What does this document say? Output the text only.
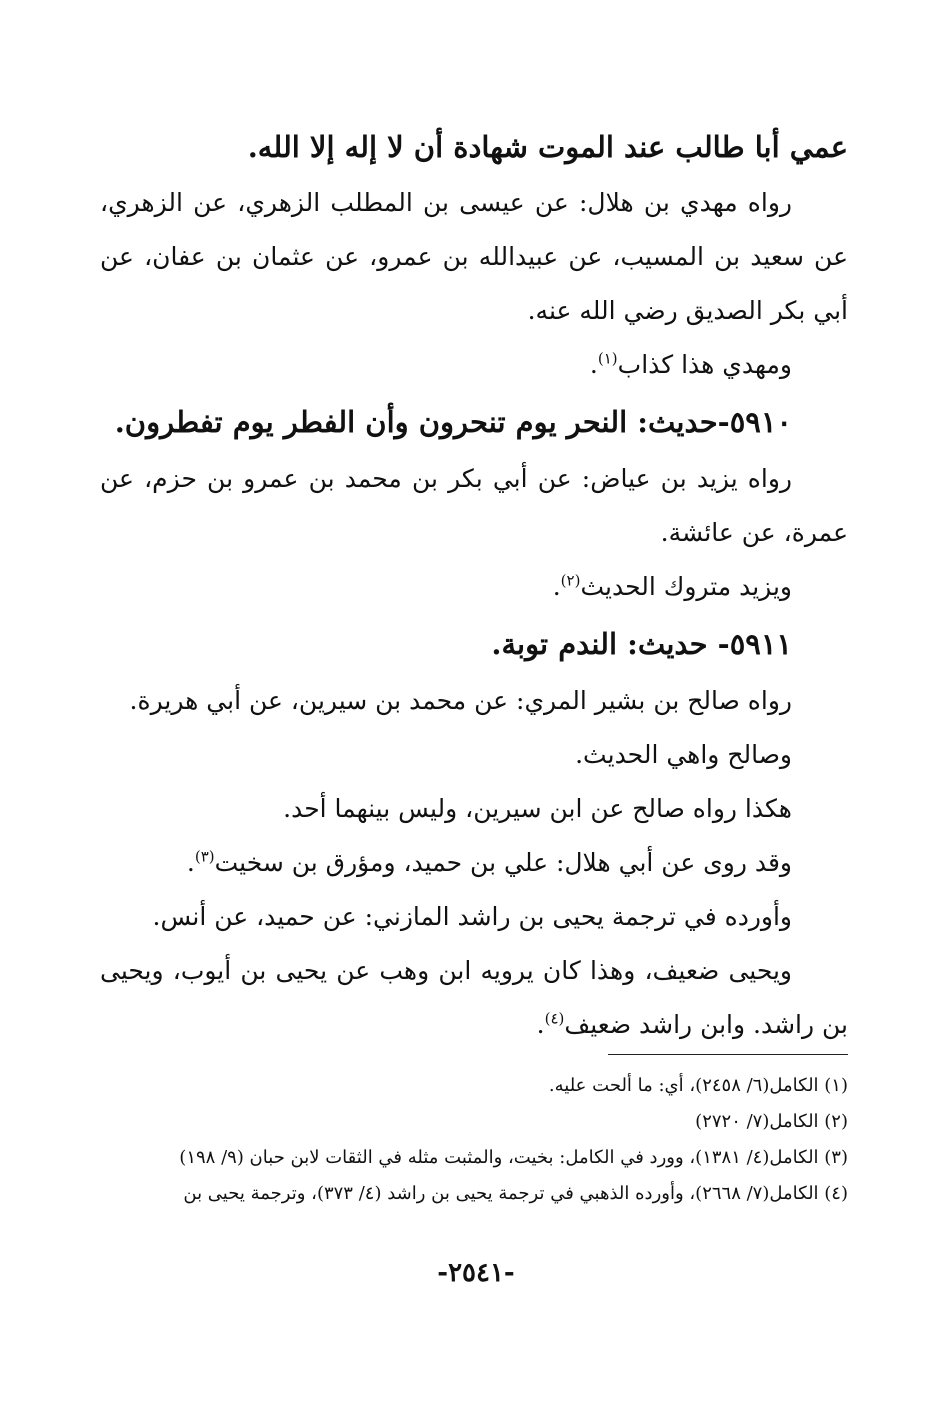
عمي أبا طالب عند الموت شهادة أن لا إله إلا الله.

رواه مهدي بن هلال: عن عيسى بن المطلب الزهري، عن الزهري، عن سعيد بن المسيب، عن عبيدالله بن عمرو، عن عثمان بن عفان، عن أبي بكر الصديق رضي الله عنه.

ومهدي هذا كذاب$^{(١)}$.

٥٩١٠-حديث: النحر يوم تنحرون وأن الفطر يوم تفطرون.

رواه يزيد بن عياض: عن أبي بكر بن محمد بن عمرو بن حزم، عن عمرة، عن عائشة.

ويزيد متروك الحديث$^{(٢)}$.

٥٩١١- حديث: الندم توبة.

رواه صالح بن بشير المري: عن محمد بن سيرين، عن أبي هريرة.

وصالح واهي الحديث.

هكذا رواه صالح عن ابن سيرين، وليس بينهما أحد.

وقد روى عن أبي هلال: علي بن حميد، ومؤرق بن سخيت$^{(٣)}$.

وأورده في ترجمة يحيى بن راشد المازني: عن حميد، عن أنس.

ويحيى ضعيف، وهذا كان يرويه ابن وهب عن يحيى بن أيوب، ويحيى بن راشد. وابن راشد ضعيف$^{(٤)}$.

(١) الكامل(٦/ ٢٤٥٨)، أي: ما ألحت عليه.

(٢) الكامل(٧/ ٢٧٢٠)

(٣) الكامل(٤/ ١٣٨١)، وورد في الكامل: بخيت، والمثبت مثله في الثقات لابن حبان (٩/ ١٩٨)

(٤) الكامل(٧/ ٢٦٦٨)، وأورده الذهبي في ترجمة يحيى بن راشد (٤/ ٣٧٣)، وترجمة يحيى بن

-٢٥٤١-
